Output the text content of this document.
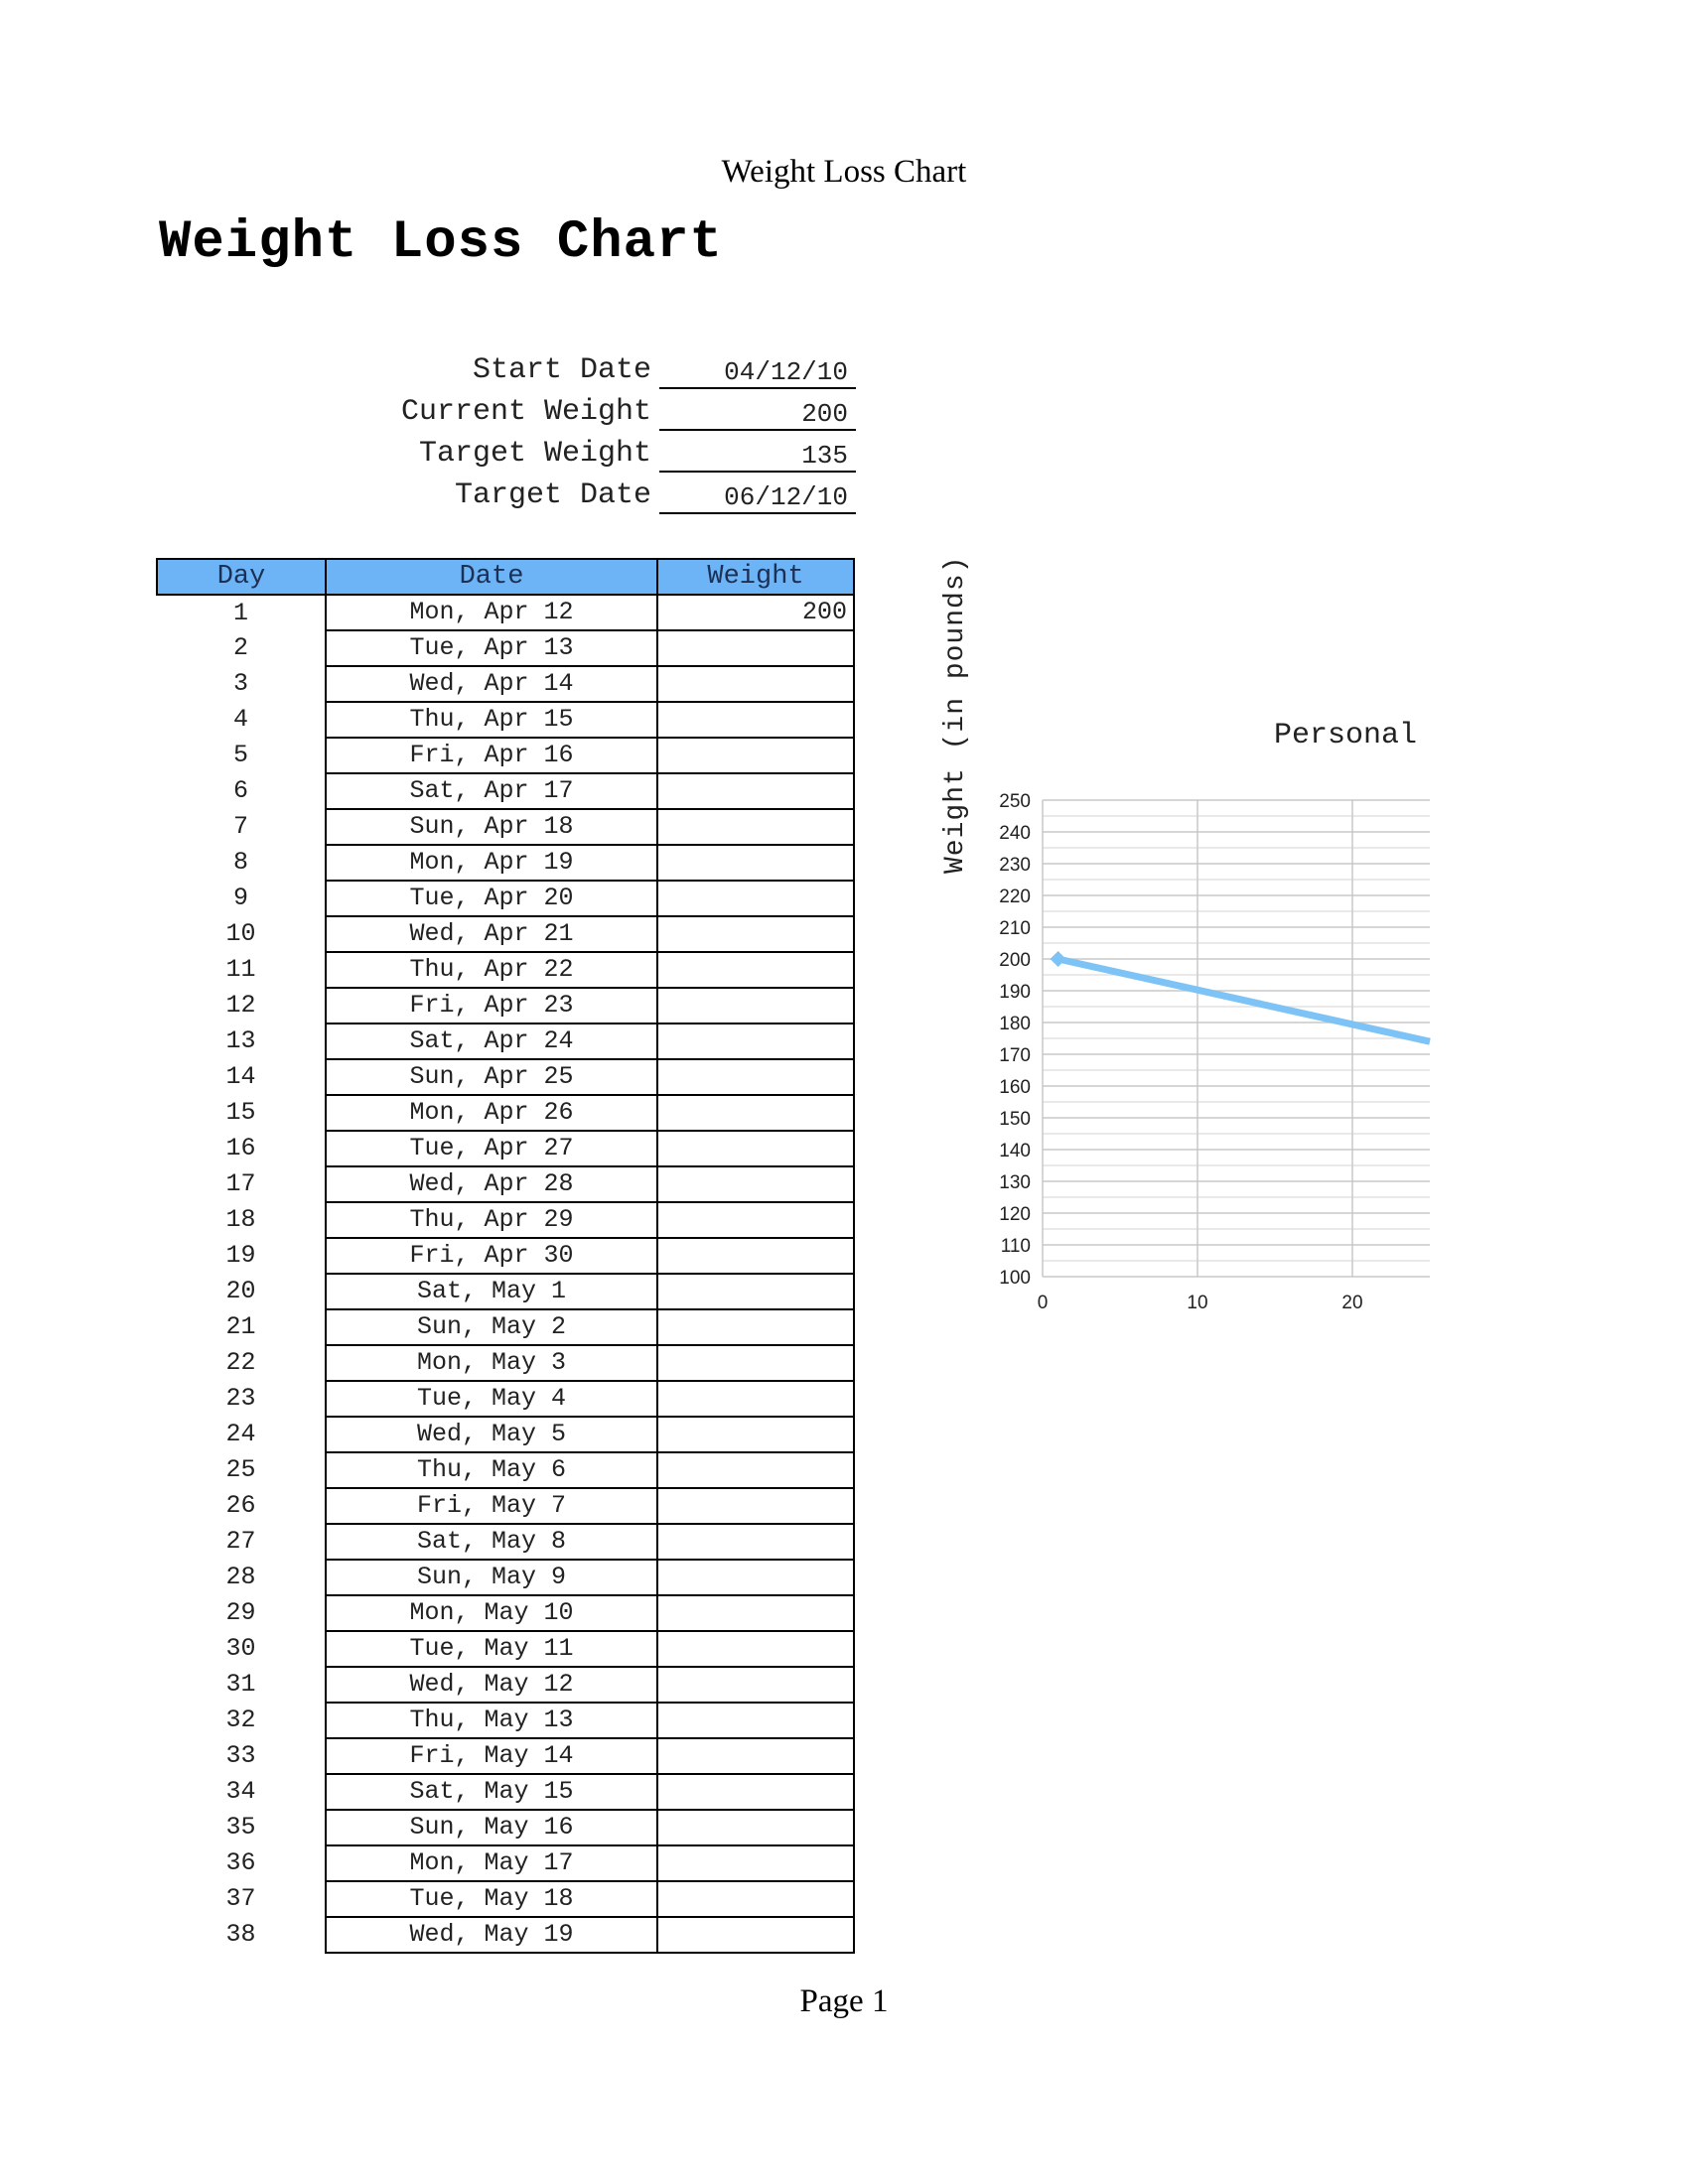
Weight Loss Chart
Weight Loss Chart
Start Date	04/12/10
Current Weight	200
Target Weight	135
Target Date	06/12/10
Day	Date	Weight
1	Mon, Apr 12	200
2	Tue, Apr 13	
3	Wed, Apr 14	
4	Thu, Apr 15	
5	Fri, Apr 16	
6	Sat, Apr 17	
7	Sun, Apr 18	
8	Mon, Apr 19	
9	Tue, Apr 20	
10	Wed, Apr 21	
11	Thu, Apr 22	
12	Fri, Apr 23	
13	Sat, Apr 24	
14	Sun, Apr 25	
15	Mon, Apr 26	
16	Tue, Apr 27	
17	Wed, Apr 28	
18	Thu, Apr 29	
19	Fri, Apr 30	
20	Sat, May 1	
21	Sun, May 2	
22	Mon, May 3	
23	Tue, May 4	
24	Wed, May 5	
25	Thu, May 6	
26	Fri, May 7	
27	Sat, May 8	
28	Sun, May 9	
29	Mon, May 10	
30	Tue, May 11	
31	Wed, May 12	
32	Thu, May 13	
33	Fri, May 14	
34	Sat, May 15	
35	Sun, May 16	
36	Mon, May 17	
37	Tue, May 18	
38	Wed, May 19	
Weight (in pounds)	Personal
250
240
230
220
210
200
190
180
170
160
150
140
130
120
110
100
0	10	20
Page 1
